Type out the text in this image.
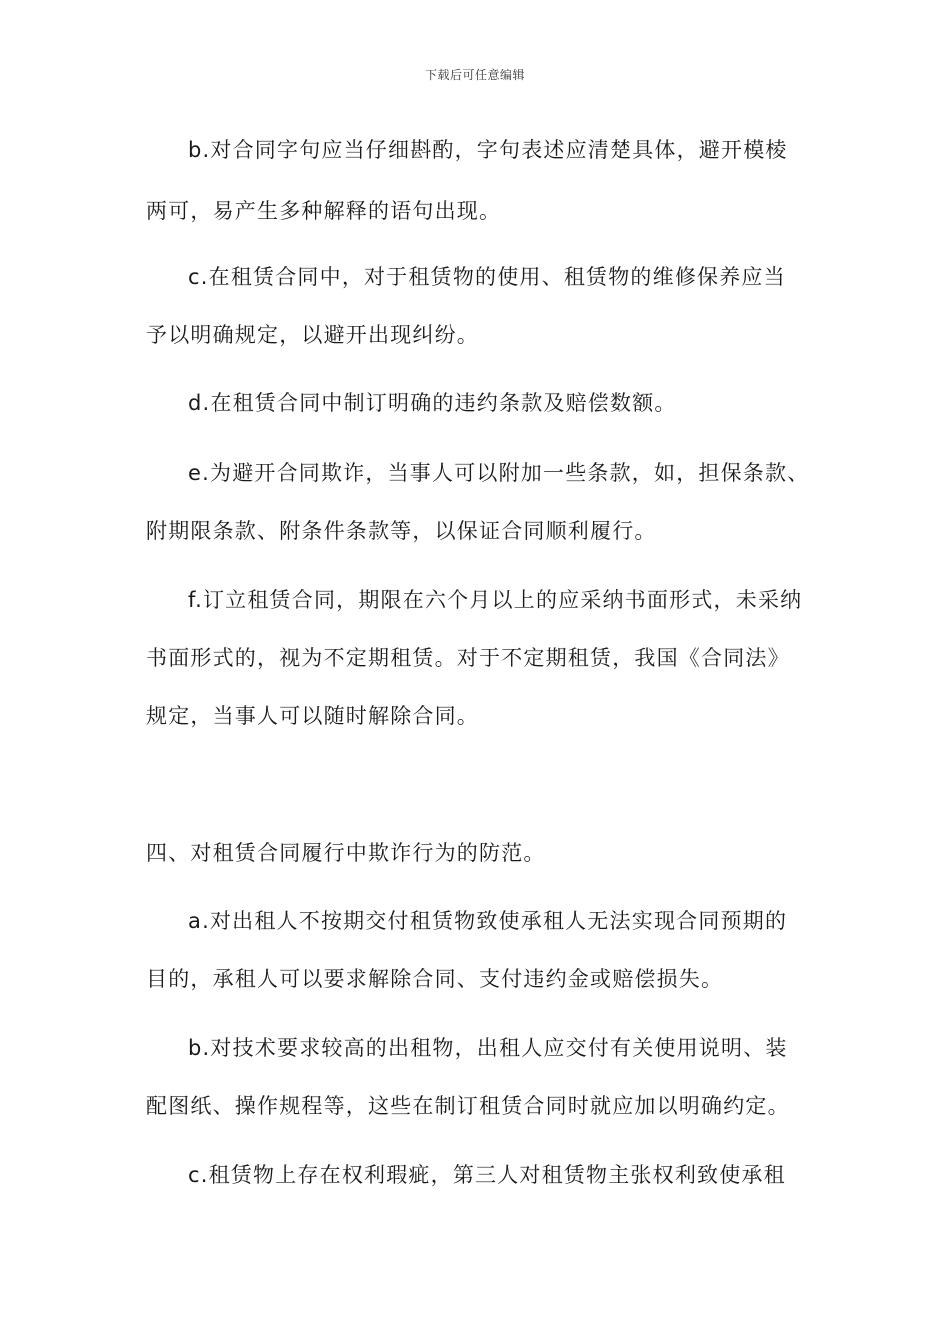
下载后可任意编辑
b.对合同字句应当仔细斟酌，字句表述应清楚具体，避开模棱
两可，易产生多种解释的语句出现。
c.在租赁合同中，对于租赁物的使用、租赁物的维修保养应当
予以明确规定，以避开出现纠纷。
d.在租赁合同中制订明确的违约条款及赔偿数额。
e.为避开合同欺诈，当事人可以附加一些条款，如，担保条款、
附期限条款、附条件条款等，以保证合同顺利履行。
f.订立租赁合同，期限在六个月以上的应采纳书面形式，未采纳
书面形式的，视为不定期租赁。对于不定期租赁，我国《合同法》
规定，当事人可以随时解除合同。
四、对租赁合同履行中欺诈行为的防范。
a.对出租人不按期交付租赁物致使承租人无法实现合同预期的
目的，承租人可以要求解除合同、支付违约金或赔偿损失。
b.对技术要求较高的出租物，出租人应交付有关使用说明、装
配图纸、操作规程等，这些在制订租赁合同时就应加以明确约定。
c.租赁物上存在权利瑕疵，第三人对租赁物主张权利致使承租
